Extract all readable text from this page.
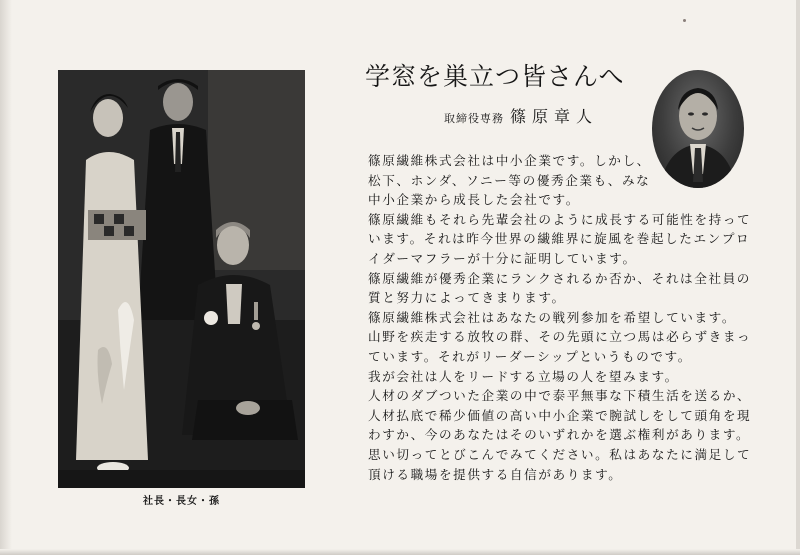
社長・長女・孫
学窓を巣立つ皆さんへ
取締役専務 篠原章人
篠原繊維株式会社は中小企業です。しかし、
松下、ホンダ、ソニー等の優秀企業も、みな
中小企業から成長した会社です。
篠原繊維もそれら先輩会社のように成長する可能性を持って
います。それは昨今世界の繊維界に旋風を巻起したエンプロ
イダーマフラーが十分に証明しています。
篠原繊維が優秀企業にランクされるか否か、それは全社員の
質と努力によってきまります。
篠原繊維株式会社はあなたの戦列参加を希望しています。
山野を疾走する放牧の群、その先頭に立つ馬は必らずきまっ
ています。それがリーダーシップというものです。
我が会社は人をリードする立場の人を望みます。
人材のダブついた企業の中で泰平無事な下積生活を送るか、
人材払底で稀少価値の高い中小企業で腕試しをして頭角を現
わすか、今のあなたはそのいずれかを選ぶ権利があります。
思い切ってとびこんでみてください。私はあなたに満足して
頂ける職場を提供する自信があります。
